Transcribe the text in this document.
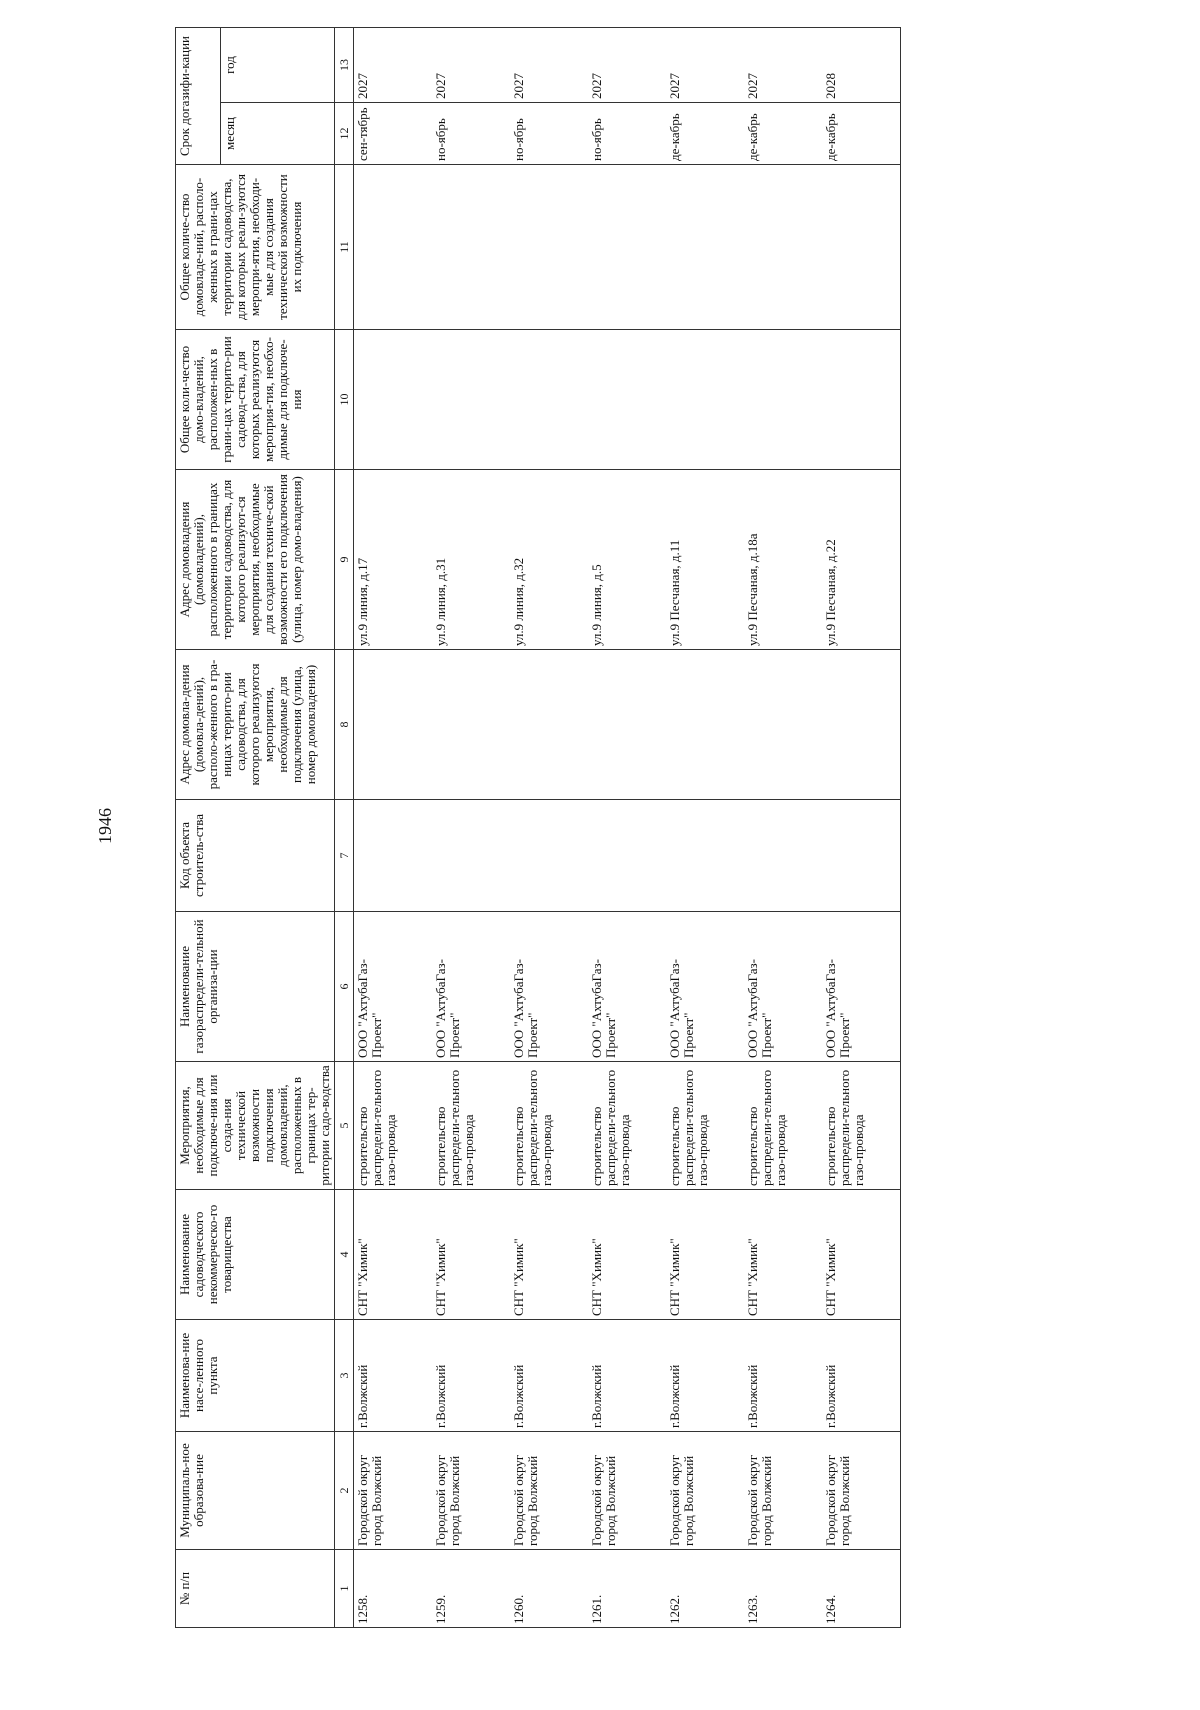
1946
№ п/п	Муниципаль-ное образова-ние	Наименова-ние насе-ленного пункта	Наименование садоводческого некоммерческо-го товарищества	Мероприятия, необходимые для подключе-ния или созда-ния технической возможности подключения домовладений, расположенных в границах тер-ритории садо-водства	Наименование газораспредели-тельной организа-ции	Код объекта строитель-ства	Адрес домовла-дения (домовла-дений), располо-женного в гра-ницах террито-рии садоводства, для которого реализуются мероприятия, необходимые для подключения (улица, номер домовладения)	Адрес домовладения (домовладений), расположенного в границах территории садоводства, для которого реализуют-ся мероприятия, необходимые для создания техниче-ской возможности его подключения (улица, номер домо-владения)	Общее коли-чество домо-владений, расположен-ных в грани-цах террито-рии садовод-ства, для которых реализуются мероприя-тия, необхо-димые для подключе-ния	Общее количе-ство домовладе-ний, располо-женных в грани-цах территории садоводства, для которых реали-зуются меропри-ятия, необходи-мые для создания технической возможности их подключения	Срок догазифи-кации	
											месяц	год
1	2	3	4	5	6	7	8	9	10	11	12	13
1258.	Городской округ город Волжский	г.Волжский	СНТ "Химик"	строительство распредели-тельного газо-провода	ООО "АхтубаГаз-Проект"			ул.9 линия, д.17			сен-тябрь	2027
1259.	Городской округ город Волжский	г.Волжский	СНТ "Химик"	строительство распредели-тельного газо-провода	ООО "АхтубаГаз-Проект"			ул.9 линия, д.31			но-ябрь	2027
1260.	Городской округ город Волжский	г.Волжский	СНТ "Химик"	строительство распредели-тельного газо-провода	ООО "АхтубаГаз-Проект"			ул.9 линия, д.32			но-ябрь	2027
1261.	Городской округ город Волжский	г.Волжский	СНТ "Химик"	строительство распредели-тельного газо-провода	ООО "АхтубаГаз-Проект"			ул.9 линия, д.5			но-ябрь	2027
1262.	Городской округ город Волжский	г.Волжский	СНТ "Химик"	строительство распредели-тельного газо-провода	ООО "АхтубаГаз-Проект"			ул.9 Песчаная, д.11			де-кабрь	2027
1263.	Городской округ город Волжский	г.Волжский	СНТ "Химик"	строительство распредели-тельного газо-провода	ООО "АхтубаГаз-Проект"			ул.9 Песчаная, д.18а			де-кабрь	2027
1264.	Городской округ город Волжский	г.Волжский	СНТ "Химик"	строительство распредели-тельного газо-провода	ООО "АхтубаГаз-Проект"			ул.9 Песчаная, д.22			де-кабрь	2028
